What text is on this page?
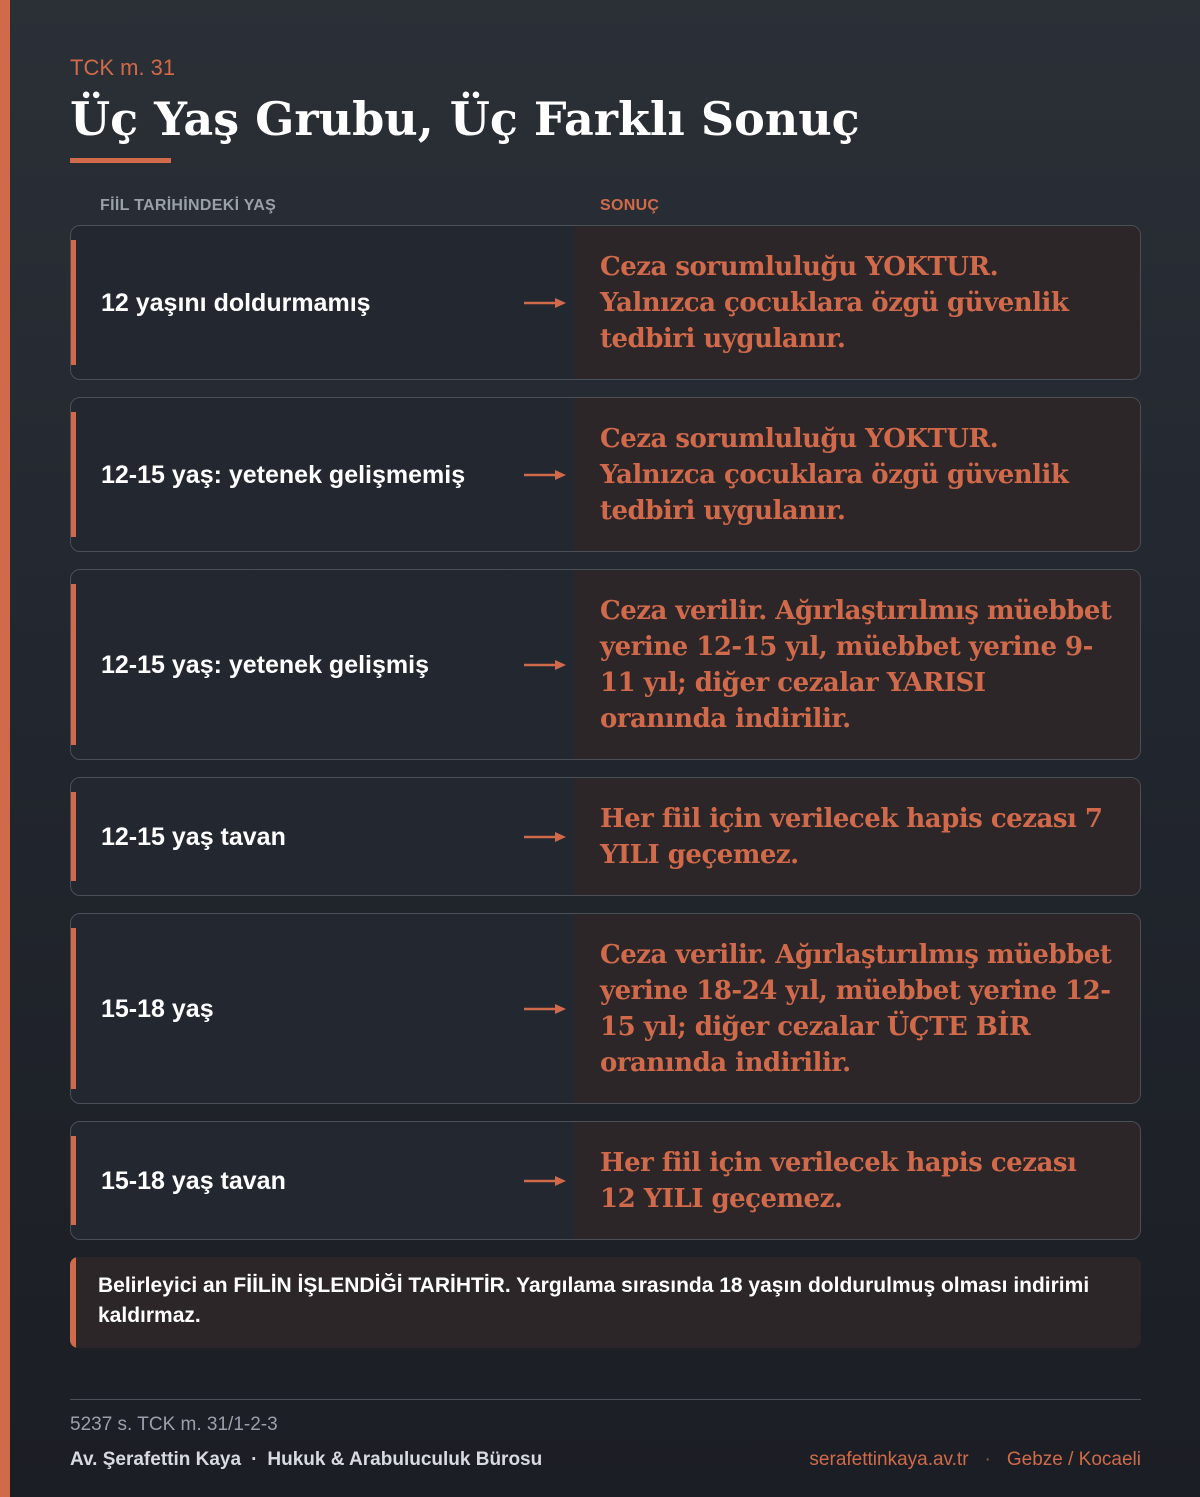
TCK m. 31

Üç Yaş Grubu, Üç Farklı Sonuç
FİİL TARİHİNDEKİ YAŞ	SONUÇ
12 yaşını doldurmamış
Ceza sorumluluğu YOKTUR. Yalnızca çocuklara özgü güvenlik tedbiri uygulanır.
12-15 yaş: yetenek gelişmemiş
Ceza sorumluluğu YOKTUR. Yalnızca çocuklara özgü güvenlik tedbiri uygulanır.
12-15 yaş: yetenek gelişmiş
Ceza verilir. Ağırlaştırılmış müebbet yerine 12-15 yıl, müebbet yerine 9-11 yıl; diğer cezalar YARISI oranında indirilir.
12-15 yaş tavan
Her fiil için verilecek hapis cezası 7 YILI geçemez.
15-18 yaş
Ceza verilir. Ağırlaştırılmış müebbet yerine 18-24 yıl, müebbet yerine 12-15 yıl; diğer cezalar ÜÇTE BİR oranında indirilir.
15-18 yaş tavan
Her fiil için verilecek hapis cezası 12 YILI geçemez.
Belirleyici an FİİLİN İŞLENDİĞİ TARİHTİR. Yargılama sırasında 18 yaşın doldurulmuş olması indirimi kaldırmaz.
5237 s. TCK m. 31/1-2-3
Av. Şerafettin Kaya · Hukuk & Arabuluculuk Bürosu	serafettinkaya.av.tr · Gebze / Kocaeli
